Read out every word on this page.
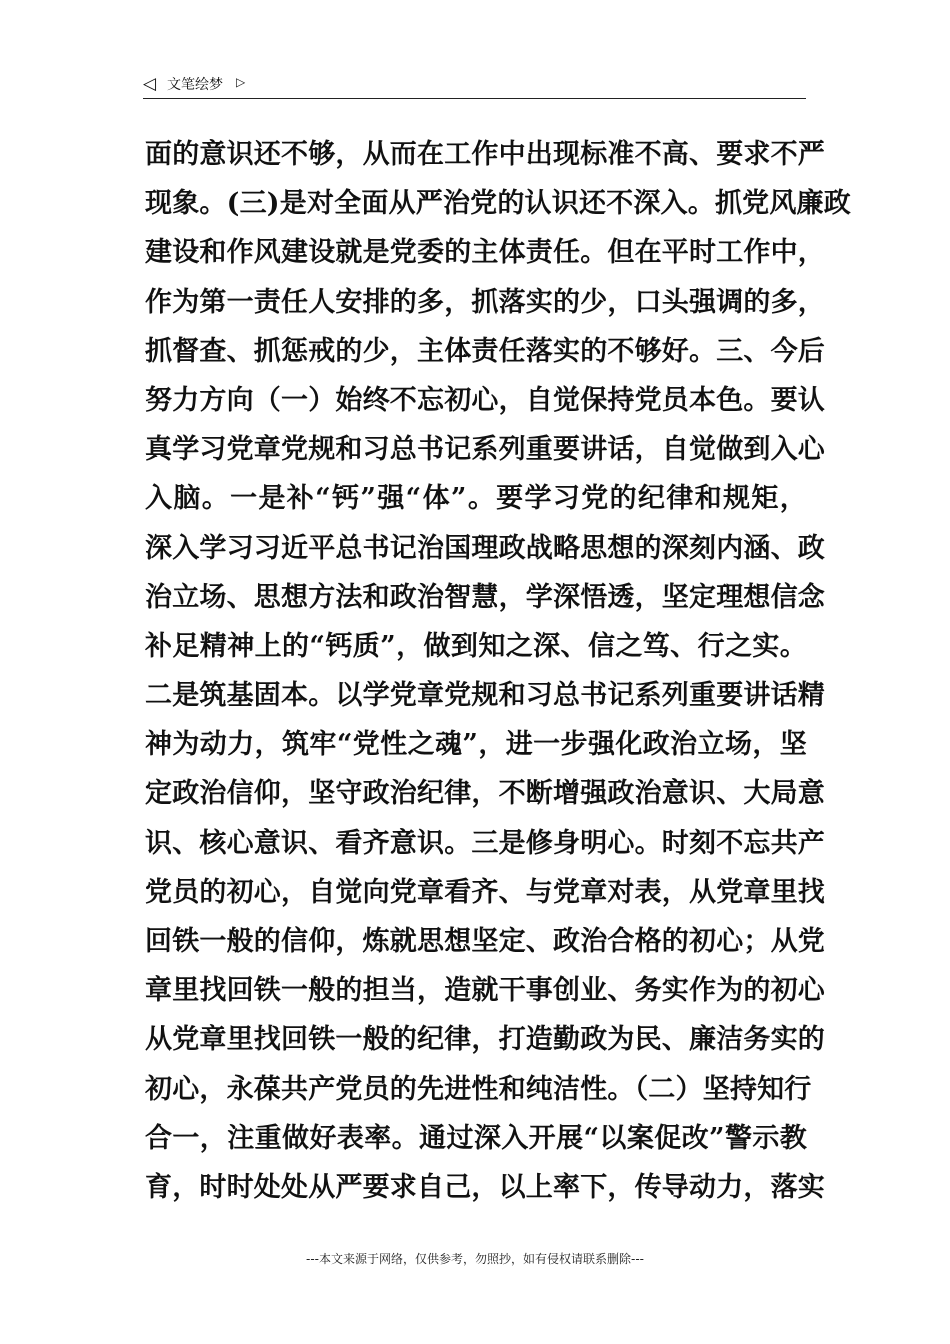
◁ 文笔绘梦 ▷
面的意识还不够，从而在工作中出现标准不高、要求不严
现象。(三)是对全面从严治党的认识还不深入。抓党风廉政
建设和作风建设就是党委的主体责任。但在平时工作中，
作为第一责任人安排的多，抓落实的少，口头强调的多，
抓督查、抓惩戒的少，主体责任落实的不够好。三、今后
努力方向（一）始终不忘初心，自觉保持党员本色。要认
真学习党章党规和习总书记系列重要讲话，自觉做到入心
入脑。一是补“钙”强“体”。要学习党的纪律和规矩，
深入学习习近平总书记治国理政战略思想的深刻内涵、政
治立场、思想方法和政治智慧，学深悟透，坚定理想信念
补足精神上的“钙质”，做到知之深、信之笃、行之实。
二是筑基固本。以学党章党规和习总书记系列重要讲话精
神为动力，筑牢“党性之魂”，进一步强化政治立场，坚
定政治信仰，坚守政治纪律，不断增强政治意识、大局意
识、核心意识、看齐意识。三是修身明心。时刻不忘共产
党员的初心，自觉向党章看齐、与党章对表，从党章里找
回铁一般的信仰，炼就思想坚定、政治合格的初心；从党
章里找回铁一般的担当，造就干事创业、务实作为的初心
从党章里找回铁一般的纪律，打造勤政为民、廉洁务实的
初心，永葆共产党员的先进性和纯洁性。（二）坚持知行
合一，注重做好表率。通过深入开展“以案促改”警示教
育，时时处处从严要求自己，以上率下，传导动力，落实
---本文来源于网络，仅供参考，勿照抄，如有侵权请联系删除---
